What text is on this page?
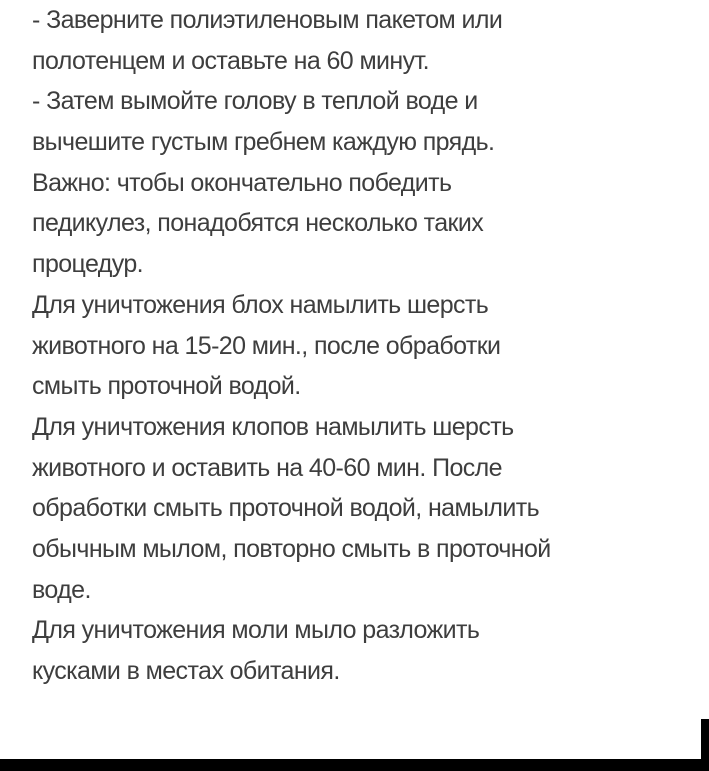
- Заверните полиэтиленовым пакетом или
полотенцем и оставьте на 60 минут.
- Затем вымойте голову в теплой воде и
вычешите густым гребнем каждую прядь.
Важно: чтобы окончательно победить
педикулез, понадобятся несколько таких
процедур.
Для уничтожения блох намылить шерсть
животного на 15-20 мин., после обработки
смыть проточной водой.
Для уничтожения клопов намылить шерсть
животного и оставить на 40-60 мин. После
обработки смыть проточной водой, намылить
обычным мылом, повторно смыть в проточной
воде.
Для уничтожения моли мыло разложить
кусками в местах обитания.
